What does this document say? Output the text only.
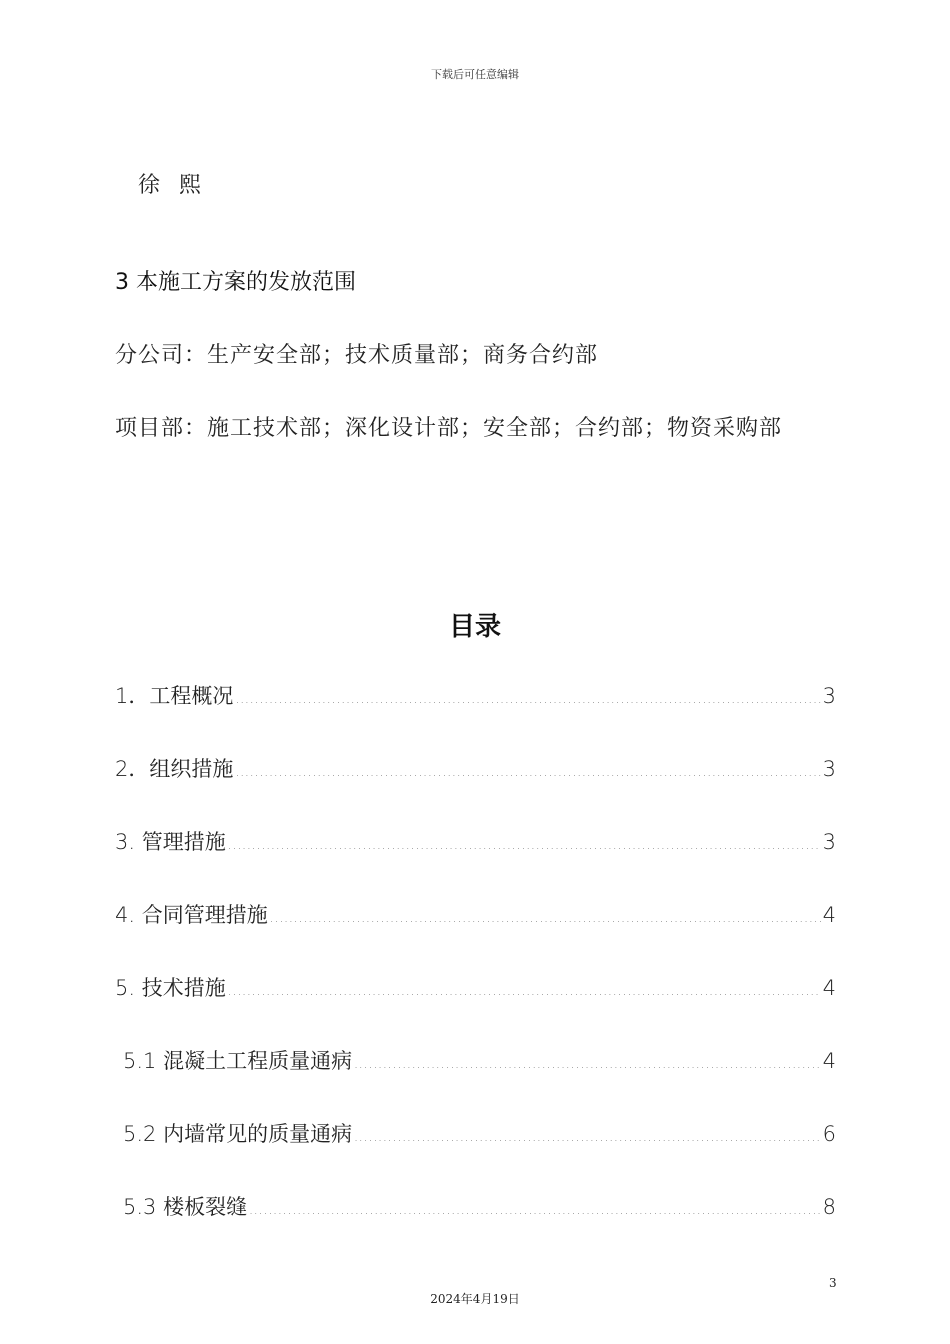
下载后可任意编辑
徐 熙
3 本施工方案的发放范围
分公司：生产安全部；技术质量部；商务合约部
项目部：施工技术部；深化设计部；安全部；合约部；物资采购部
目录
1．工程概况 .....	3
2．组织措施 .....	3
3. 管理措施 .....	3
4. 合同管理措施 .....	4
5. 技术措施 .....	4
5.1 混凝土工程质量通病 .....	4
5.2 内墙常见的质量通病 .....	6
5.3 楼板裂缝 .....	8
3
2024年4月19日
